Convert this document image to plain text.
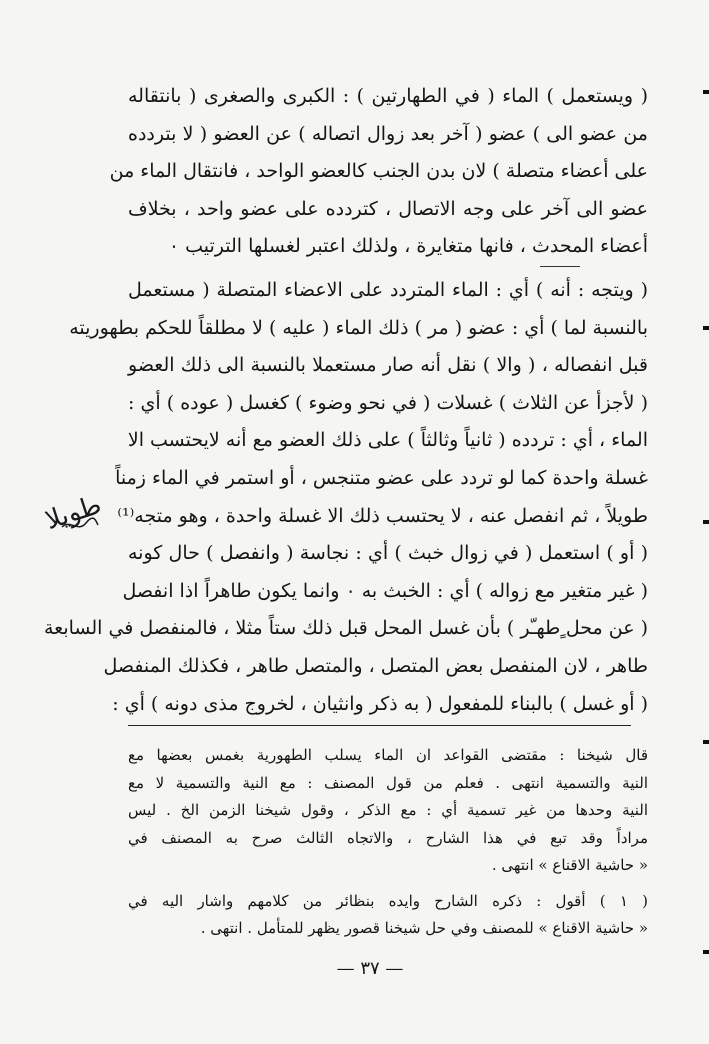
( ويستعمل ) الماء ( في الطهارتين ) : الكبرى والصغرى ( بانتقاله
من عضو الى ) عضو ( آخر بعد زوال اتصاله ) عن العضو ( لا بتردده
على أعضاء متصلة ) لان بدن الجنب كالعضو الواحد ، فانتقال الماء من
عضو الى آخر على وجه الاتصال ، كتردده على عضو واحد ، بخلاف
أعضاء المحدث ، فانها متغايرة ، ولذلك اعتبر لغسلها الترتيب ٠
( ويتجه : أنه ) أي : الماء المتردد على الاعضاء المتصلة ( مستعمل
بالنسبة لما ) أي : عضو ( مر ) ذلك الماء ( عليه ) لا مطلقاً للحكم بطهوريته
قبل انفصاله ، ( والا ) نقل أنه صار مستعملا بالنسبة الى ذلك العضو
( لأجزأ عن الثلاث ) غسلات ( في نحو وضوء ) كغسل ( عوده ) أي :
الماء ، أي : تردده ( ثانياً وثالثاً ) على ذلك العضو مع أنه لايحتسب الا
غسلة واحدة كما لو تردد على عضو متنجس ، أو استمر في الماء زمناً
طويلاً ، ثم انفصل عنه ، لا يحتسب ذلك الا غسلة واحدة ، وهو متجه⁽¹⁾
( أو ) استعمل ( في زوال خبث ) أي : نجاسة ( وانفصل ) حال كونه
( غير متغير مع زواله ) أي : الخبث به ٠ وانما يكون طاهراً اذا انفصل
( عن محل ٍطهـّر ) بأن غسل المحل قبل ذلك ستاً مثلا ، فالمنفصل في السابعة
طاهر ، لان المنفصل بعض المتصل ، والمتصل طاهر ، فكذلك المنفصل
( أو غسل ) بالبناء للمفعول ( به ذكر وانثيان ، لخروج مذى دونه ) أي :
قال شيخنا : مقتضى القواعد ان الماء يسلب الطهورية بغمس بعضها مع
النية والتسمية انتهى . فعلم من قول المصنف : مع النية والتسمية لا مع
النية وحدها من غير تسمية أي : مع الذكر ، وقول شيخنا الزمن الخ . ليس
مراداً وقد تبع في هذا الشارح ، والاتجاه الثالث صرح به المصنف في
« حاشية الاقناع » انتهى .
( ١ ) أقول : ذكره الشارح وايده بنظائر من كلامهم واشار اليه في
« حاشية الاقناع » للمصنف وفي حل شيخنا قصور يظهر للمتأمل . انتهى .
— ٣٧ —
طويلا
